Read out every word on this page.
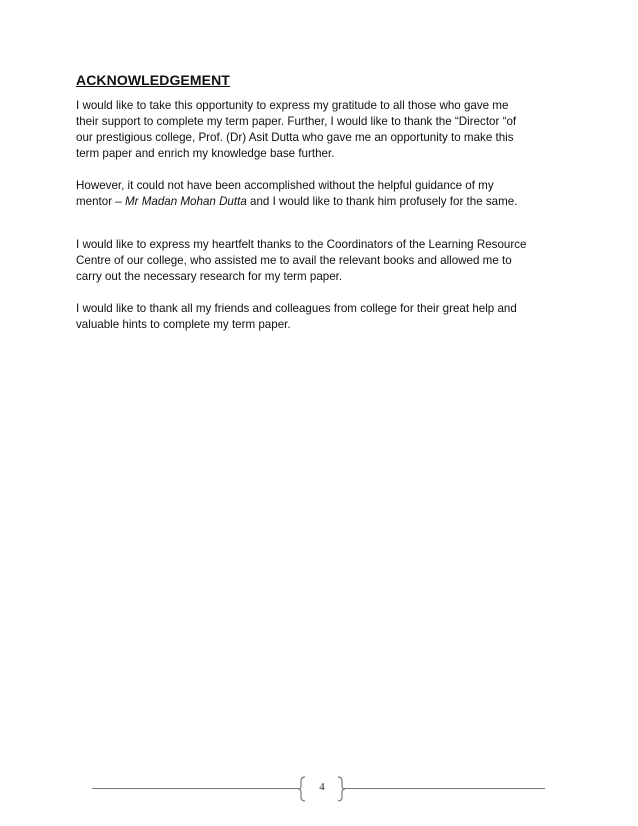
ACKNOWLEDGEMENT

I would like to take this opportunity to express my gratitude to all those who gave me
their support to complete my term paper. Further, I would like to thank the “Director “of
our prestigious college, Prof. (Dr) Asit Dutta who gave me an opportunity to make this
term paper and enrich my knowledge base further.

However, it could not have been accomplished without the helpful guidance of my
mentor – Mr Madan Mohan Dutta and I would like to thank him profusely for the same.

I would like to express my heartfelt thanks to the Coordinators of the Learning Resource
Centre of our college, who assisted me to avail the relevant books and allowed me to
carry out the necessary research for my term paper.

I would like to thank all my friends and colleagues from college for their great help and
valuable hints to complete my term paper.

4
